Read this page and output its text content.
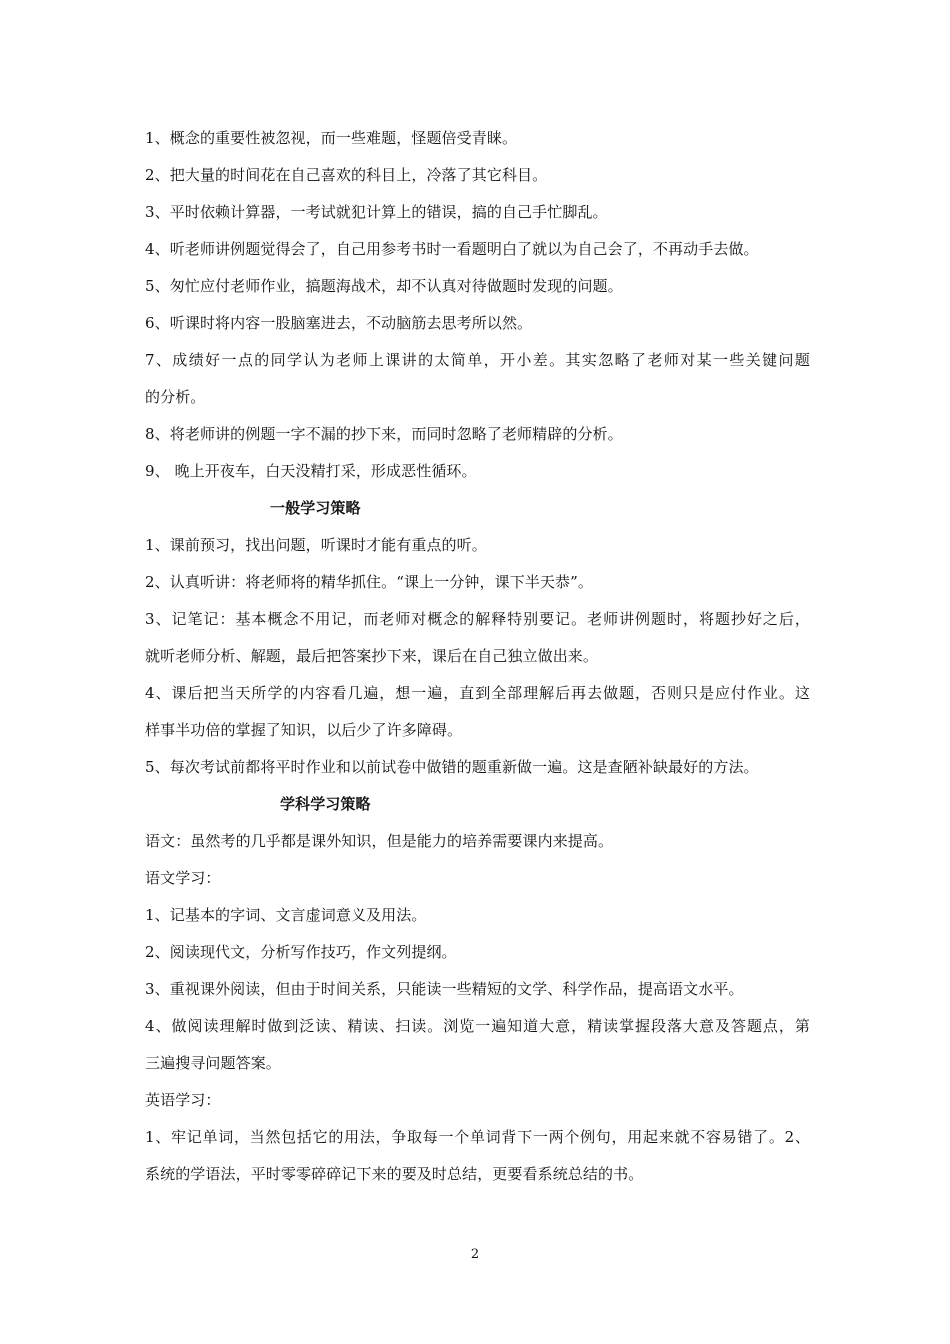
1、概念的重要性被忽视，而一些难题，怪题倍受青睐。
2、把大量的时间花在自己喜欢的科目上，冷落了其它科目。
3、平时依赖计算器，一考试就犯计算上的错误，搞的自己手忙脚乱。
4、听老师讲例题觉得会了，自己用参考书时一看题明白了就以为自己会了，不再动手去做。
5、匆忙应付老师作业，搞题海战术，却不认真对待做题时发现的问题。
6、听课时将内容一股脑塞进去，不动脑筋去思考所以然。
7、成绩好一点的同学认为老师上课讲的太简单，开小差。其实忽略了老师对某一些关键问题
的分析。
8、将老师讲的例题一字不漏的抄下来，而同时忽略了老师精辟的分析。
9、 晚上开夜车，白天没精打采，形成恶性循环。
一般学习策略
1、课前预习，找出问题，听课时才能有重点的听。
2、认真听讲：将老师将的精华抓住。“课上一分钟，课下半天恭”。
3、记笔记：基本概念不用记，而老师对概念的解释特别要记。老师讲例题时，将题抄好之后，
就听老师分析、解题，最后把答案抄下来，课后在自己独立做出来。
4、课后把当天所学的内容看几遍，想一遍，直到全部理解后再去做题，否则只是应付作业。这
样事半功倍的掌握了知识，以后少了许多障碍。
5、每次考试前都将平时作业和以前试卷中做错的题重新做一遍。这是查陋补缺最好的方法。
学科学习策略
语文：虽然考的几乎都是课外知识，但是能力的培养需要课内来提高。
语文学习：
1、记基本的字词、文言虚词意义及用法。
2、阅读现代文，分析写作技巧，作文列提纲。
3、重视课外阅读，但由于时间关系，只能读一些精短的文学、科学作品，提高语文水平。
4、做阅读理解时做到泛读、精读、扫读。浏览一遍知道大意，精读掌握段落大意及答题点，第
三遍搜寻问题答案。
英语学习：
1、牢记单词，当然包括它的用法，争取每一个单词背下一两个例句，用起来就不容易错了。2、
系统的学语法，平时零零碎碎记下来的要及时总结，更要看系统总结的书。
2
